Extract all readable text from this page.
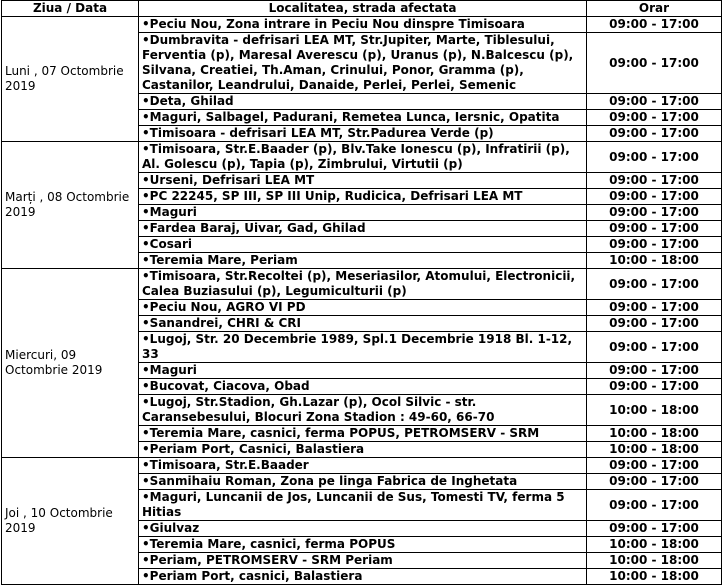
Ziua / Data	Localitatea, strada afectata	Orar
Luni , 07 Octombrie 2019	•Peciu Nou, Zona intrare in Peciu Nou dinspre Timisoara	09:00 - 17:00
	•Dumbravita - defrisari LEA MT, Str.Jupiter, Marte, Tiblesului, Ferventia (p), Maresal Averescu (p), Uranus (p), N.Balcescu (p), Silvana, Creatiei, Th.Aman, Crinului, Ponor, Gramma (p), Castanilor, Leandrului, Danaide, Perlei, Perlei, Semenic	09:00 - 17:00
	•Deta, Ghilad	09:00 - 17:00
	•Maguri, Salbagel, Padurani, Remetea Lunca, Iersnic, Opatita	09:00 - 17:00
	•Timisoara - defrisari LEA MT, Str.Padurea Verde (p)	09:00 - 17:00
Marți , 08 Octombrie 2019	•Timisoara, Str.E.Baader (p), Blv.Take Ionescu (p), Infratirii (p), Al. Golescu (p), Tapia (p), Zimbrului, Virtutii (p)	09:00 - 17:00
	•Urseni, Defrisari LEA MT	09:00 - 17:00
	•PC 22245, SP III, SP III Unip, Rudicica, Defrisari LEA MT	09:00 - 17:00
	•Maguri	09:00 - 17:00
	•Fardea Baraj, Uivar, Gad, Ghilad	09:00 - 17:00
	•Cosari	09:00 - 17:00
	•Teremia Mare, Periam	10:00 - 18:00
Miercuri, 09 Octombrie 2019	•Timisoara, Str.Recoltei (p), Meseriasilor, Atomului, Electronicii, Calea Buziasului (p), Legumiculturii (p)	09:00 - 17:00
	•Peciu Nou, AGRO VI PD	09:00 - 17:00
	•Sanandrei, CHRI & CRI	09:00 - 17:00
	•Lugoj, Str. 20 Decembrie 1989, Spl.1 Decembrie 1918 Bl. 1-12, 33	09:00 - 17:00
	•Maguri	09:00 - 17:00
	•Bucovat, Ciacova, Obad	09:00 - 17:00
	•Lugoj, Str.Stadion, Gh.Lazar (p), Ocol Silvic - str. Caransebesului, Blocuri Zona Stadion : 49-60, 66-70	10:00 - 18:00
	•Teremia Mare, casnici, ferma POPUS, PETROMSERV - SRM	10:00 - 18:00
	•Periam Port, Casnici, Balastiera	10:00 - 18:00
Joi , 10 Octombrie 2019	•Timisoara, Str.E.Baader	09:00 - 17:00
	•Sanmihaiu Roman, Zona pe linga Fabrica de Inghetata	09:00 - 17:00
	•Maguri, Luncanii de Jos, Luncanii de Sus, Tomesti TV, ferma 5 Hitias	09:00 - 17:00
	•Giulvaz	09:00 - 17:00
	•Teremia Mare, casnici, ferma POPUS	10:00 - 18:00
	•Periam, PETROMSERV - SRM Periam	10:00 - 18:00
	•Periam Port, casnici, Balastiera	10:00 - 18:00
